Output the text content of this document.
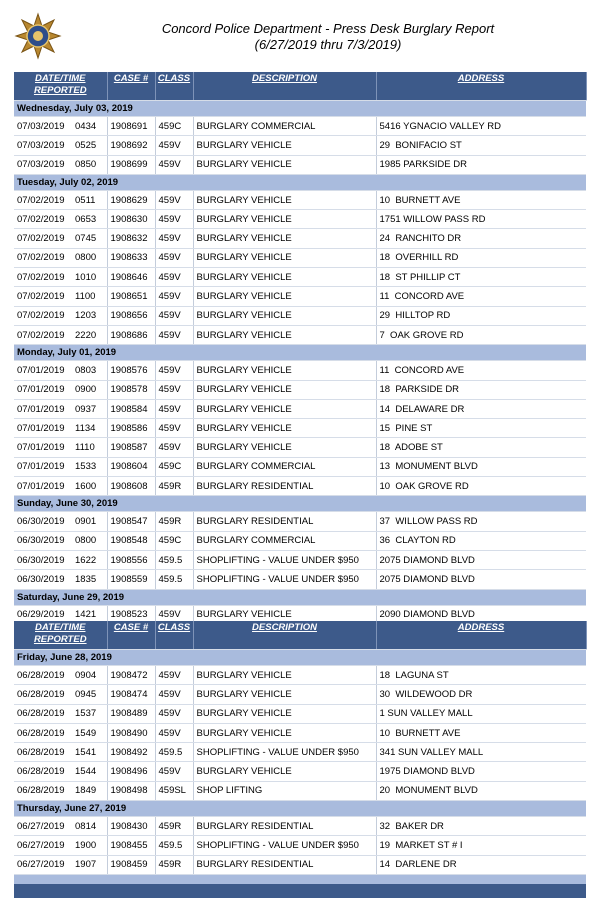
Concord Police Department - Press Desk Burglary Report
(6/27/2019 thru 7/3/2019)
DATE/TIME REPORTED	CASE #	CLASS	DESCRIPTION	ADDRESS
Wednesday, July 03, 2019				
07/03/2019 0434	1908691	459C	BURGLARY COMMERCIAL	5416 YGNACIO VALLEY RD
07/03/2019 0525	1908692	459V	BURGLARY VEHICLE	29  BONIFACIO ST
07/03/2019 0850	1908699	459V	BURGLARY VEHICLE	1985 PARKSIDE DR
Tuesday, July 02, 2019				
07/02/2019 0511	1908629	459V	BURGLARY VEHICLE	10  BURNETT AVE
07/02/2019 0653	1908630	459V	BURGLARY VEHICLE	1751 WILLOW PASS RD
07/02/2019 0745	1908632	459V	BURGLARY VEHICLE	24  RANCHITO DR
07/02/2019 0800	1908633	459V	BURGLARY VEHICLE	18  OVERHILL RD
07/02/2019 1010	1908646	459V	BURGLARY VEHICLE	18  ST PHILLIP CT
07/02/2019 1100	1908651	459V	BURGLARY VEHICLE	11  CONCORD AVE
07/02/2019 1203	1908656	459V	BURGLARY VEHICLE	29  HILLTOP RD
07/02/2019 2220	1908686	459V	BURGLARY VEHICLE	7  OAK GROVE RD
Monday, July 01, 2019				
07/01/2019 0803	1908576	459V	BURGLARY VEHICLE	11  CONCORD AVE
07/01/2019 0900	1908578	459V	BURGLARY VEHICLE	18  PARKSIDE DR
07/01/2019 0937	1908584	459V	BURGLARY VEHICLE	14  DELAWARE DR
07/01/2019 1134	1908586	459V	BURGLARY VEHICLE	15  PINE ST
07/01/2019 1110	1908587	459V	BURGLARY VEHICLE	18  ADOBE ST
07/01/2019 1533	1908604	459C	BURGLARY COMMERCIAL	13  MONUMENT BLVD
07/01/2019 1600	1908608	459R	BURGLARY RESIDENTIAL	10  OAK GROVE RD
Sunday, June 30, 2019				
06/30/2019 0901	1908547	459R	BURGLARY RESIDENTIAL	37  WILLOW PASS RD
06/30/2019 0800	1908548	459C	BURGLARY COMMERCIAL	36  CLAYTON RD
06/30/2019 1622	1908556	459.5	SHOPLIFTING - VALUE UNDER $950	2075 DIAMOND BLVD
06/30/2019 1835	1908559	459.5	SHOPLIFTING - VALUE UNDER $950	2075 DIAMOND BLVD
Saturday, June 29, 2019				
06/29/2019 1421	1908523	459V	BURGLARY VEHICLE	2090 DIAMOND BLVD
DATE/TIME REPORTED	CASE #	CLASS	DESCRIPTION	ADDRESS
Friday, June 28, 2019				
06/28/2019 0904	1908472	459V	BURGLARY VEHICLE	18  LAGUNA ST
06/28/2019 0945	1908474	459V	BURGLARY VEHICLE	30  WILDEWOOD DR
06/28/2019 1537	1908489	459V	BURGLARY VEHICLE	1 SUN VALLEY MALL
06/28/2019 1549	1908490	459V	BURGLARY VEHICLE	10  BURNETT AVE
06/28/2019 1541	1908492	459.5	SHOPLIFTING - VALUE UNDER $950	341 SUN VALLEY MALL
06/28/2019 1544	1908496	459V	BURGLARY VEHICLE	1975 DIAMOND BLVD
06/28/2019 1849	1908498	459SL	SHOP LIFTING	20  MONUMENT BLVD
Thursday, June 27, 2019				
06/27/2019 0814	1908430	459R	BURGLARY RESIDENTIAL	32  BAKER DR
06/27/2019 1900	1908455	459.5	SHOPLIFTING - VALUE UNDER $950	19  MARKET ST # I
06/27/2019 1907	1908459	459R	BURGLARY RESIDENTIAL	14  DARLENE DR
